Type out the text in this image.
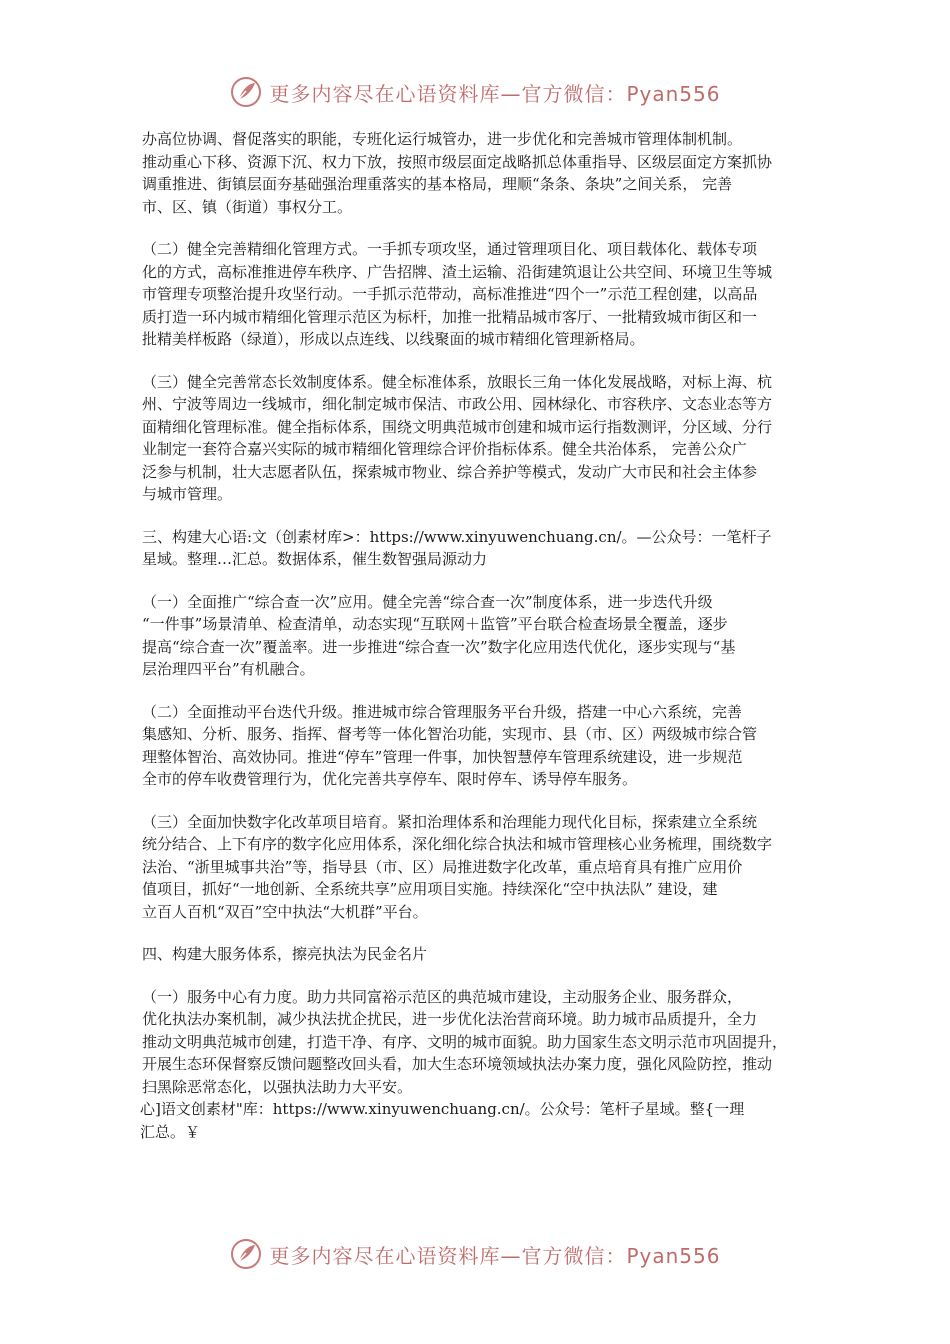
更多内容尽在心语资料库—官方微信：Pyan556
办高位协调、督促落实的职能，专班化运行城管办，进一步优化和完善城市管理体制机制。
推动重心下移、资源下沉、权力下放，按照市级层面定战略抓总体重指导、区级层面定方案抓协
调重推进、街镇层面夯基础强治理重落实的基本格局，理顺“条条、条块”之间关系， 完善
市、区、镇（街道）事权分工。
（二）健全完善精细化管理方式。一手抓专项攻坚，通过管理项目化、项目载体化、载体专项
化的方式，高标准推进停车秩序、广告招牌、渣土运输、沿街建筑退让公共空间、环境卫生等城
市管理专项整治提升攻坚行动。一手抓示范带动，高标准推进“四个一”示范工程创建，以高品
质打造一环内城市精细化管理示范区为标杆，加推一批精品城市客厅、一批精致城市街区和一
批精美样板路（绿道），形成以点连线、以线聚面的城市精细化管理新格局。
（三）健全完善常态长效制度体系。健全标准体系，放眼长三角一体化发展战略，对标上海、杭
州、宁波等周边一线城市，细化制定城市保洁、市政公用、园林绿化、市容秩序、文态业态等方
面精细化管理标准。健全指标体系，围绕文明典范城市创建和城市运行指数测评，分区域、分行
业制定一套符合嘉兴实际的城市精细化管理综合评价指标体系。健全共治体系， 完善公众广
泛参与机制，壮大志愿者队伍，探索城市物业、综合养护等模式，发动广大市民和社会主体参
与城市管理。
三、构建大心语:文（创素材库>：https://www.xinyuwenchuang.cn/。—公众号：一笔杆子
星域。整理…汇总。数据体系，催生数智强局源动力
（一）全面推广“综合查一次”应用。健全完善“综合查一次”制度体系，进一步迭代升级
“一件事”场景清单、检查清单，动态实现“互联网＋监管”平台联合检查场景全覆盖，逐步
提高“综合查一次”覆盖率。进一步推进“综合查一次”数字化应用迭代优化，逐步实现与“基
层治理四平台”有机融合。
（二）全面推动平台迭代升级。推进城市综合管理服务平台升级，搭建一中心六系统，完善
集感知、分析、服务、指挥、督考等一体化智治功能，实现市、县（市、区）两级城市综合管
理整体智治、高效协同。推进“停车”管理一件事，加快智慧停车管理系统建设，进一步规范
全市的停车收费管理行为，优化完善共享停车、限时停车、诱导停车服务。
（三）全面加快数字化改革项目培育。紧扣治理体系和治理能力现代化目标，探索建立全系统
统分结合、上下有序的数字化应用体系，深化细化综合执法和城市管理核心业务梳理，围绕数字
法治、“浙里城事共治”等，指导县（市、区）局推进数字化改革，重点培育具有推广应用价
值项目，抓好“一地创新、全系统共享”应用项目实施。持续深化“空中执法队” 建设，建
立百人百机“双百”空中执法“大机群”平台。
四、构建大服务体系，擦亮执法为民金名片
（一）服务中心有力度。助力共同富裕示范区的典范城市建设，主动服务企业、服务群众，
优化执法办案机制，减少执法扰企扰民，进一步优化法治营商环境。助力城市品质提升，全力
推动文明典范城市创建，打造干净、有序、文明的城市面貌。助力国家生态文明示范市巩固提升，
开展生态环保督察反馈问题整改回头看，加大生态环境领域执法办案力度，强化风险防控，推动
扫黑除恶常态化，以强执法助力大平安。
心]语文创素材"库：https://www.xinyuwenchuang.cn/。公众号：笔杆子星域。整{一理
汇总。￥
更多内容尽在心语资料库—官方微信：Pyan556
